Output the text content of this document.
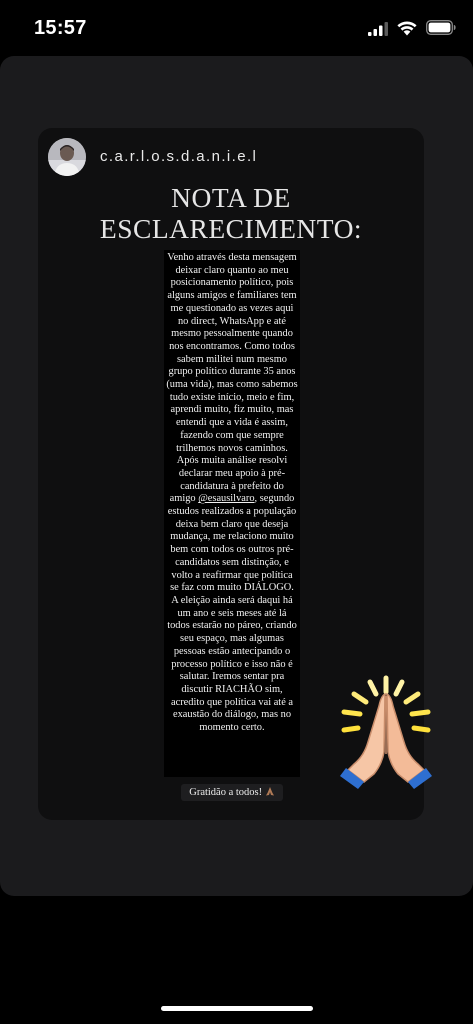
15:57
c.a.r.l.o.s.d.a.n.i.e.l
NOTA DE
ESCLARECIMENTO:

Venho através desta mensagem deixar claro quanto ao meu posicionamento político, pois alguns amigos e familiares tem me questionado as vezes aqui no direct, WhatsApp e até mesmo pessoalmente quando nos encontramos. Como todos sabem militei num mesmo grupo político durante 35 anos (uma vida), mas como sabemos tudo existe início, meio e fim, aprendi muito, fiz muito, mas entendi que a vida é assim, fazendo com que sempre trilhemos novos caminhos. Após muita análise resolvi declarar meu apoio à pré-candidatura à prefeito do amigo @esausilvaro, segundo estudos realizados a população deixa bem claro que deseja mudança, me relaciono muito bem com todos os outros pré-candidatos sem distinção, e volto a reafirmar que política se faz com muito DIÁLOGO. A eleição ainda será daqui há um ano e seis meses até lá todos estarão no páreo, criando seu espaço, mas algumas pessoas estão antecipando o processo político e isso não é salutar. Iremos sentar pra discutir RIACHÃO sim, acredito que política vai até a exaustão do diálogo, mas no momento certo.

Gratidão a todos!
